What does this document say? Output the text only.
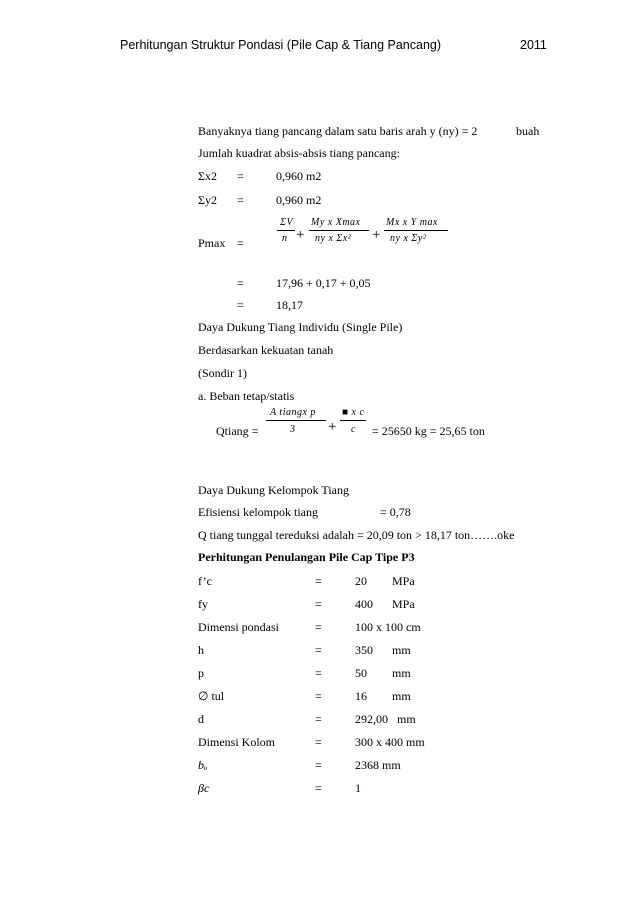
Perhitungan Struktur Pondasi (Pile Cap & Tiang Pancang)	2011
Banyaknya tiang pancang dalam satu baris arah y (ny) = 2	buah
Jumlah kuadrat absis-absis tiang pancang:
Σx2 =	0,960 m2
Σy2 =	0,960 m2
Pmax =
ΣV
n +
My x Xmax
ny x Σx² +
Mx x Y max
ny x Σy²
=	17,96 + 0,17 + 0,05
=	18,17
Daya Dukung Tiang Individu (Single Pile)
Berdasarkan kekuatan tanah
(Sondir 1)
a. Beban tetap/statis
Qtiang =
A tiangx p
3 +
■ x c
c = 25650 kg = 25,65 ton
Daya Dukung Kelompok Tiang
Efisiensi kelompok tiang	= 0,78
Q tiang tunggal tereduksi adalah = 20,09 ton > 18,17 ton…….oke
Perhitungan Penulangan Pile Cap Tipe P3
f’c	=	20 MPa
fy	=	400 MPa
Dimensi pondasi	=	100 x 100 cm
h	=	350 mm
p	=	50 mm
∅ tul	=	16 mm
d	=	292,00 mm
Dimensi Kolom	=	300 x 400 mm
bₒ	=	2368 mm
βc	=	1
